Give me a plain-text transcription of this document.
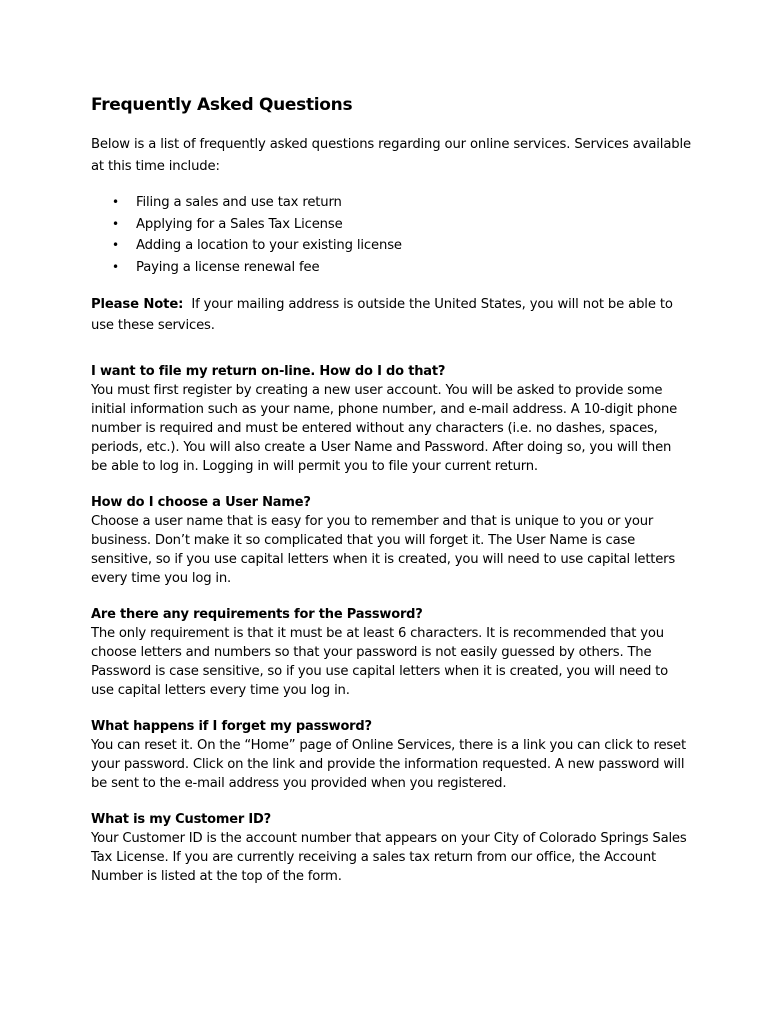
Frequently Asked Questions

Below is a list of frequently asked questions regarding our online services. Services available at this time include:

• Filing a sales and use tax return
• Applying for a Sales Tax License
• Adding a location to your existing license
• Paying a license renewal fee

Please Note: If your mailing address is outside the United States, you will not be able to use these services.

I want to file my return on-line. How do I do that?

You must first register by creating a new user account. You will be asked to provide some initial information such as your name, phone number, and e-mail address. A 10-digit phone number is required and must be entered without any characters (i.e. no dashes, spaces, periods, etc.). You will also create a User Name and Password. After doing so, you will then be able to log in. Logging in will permit you to file your current return.

How do I choose a User Name?

Choose a user name that is easy for you to remember and that is unique to you or your business. Don’t make it so complicated that you will forget it. The User Name is case sensitive, so if you use capital letters when it is created, you will need to use capital letters every time you log in.

Are there any requirements for the Password?

The only requirement is that it must be at least 6 characters. It is recommended that you choose letters and numbers so that your password is not easily guessed by others. The Password is case sensitive, so if you use capital letters when it is created, you will need to use capital letters every time you log in.

What happens if I forget my password?

You can reset it. On the “Home” page of Online Services, there is a link you can click to reset your password. Click on the link and provide the information requested. A new password will be sent to the e-mail address you provided when you registered.

What is my Customer ID?

Your Customer ID is the account number that appears on your City of Colorado Springs Sales Tax License. If you are currently receiving a sales tax return from our office, the Account Number is listed at the top of the form.
